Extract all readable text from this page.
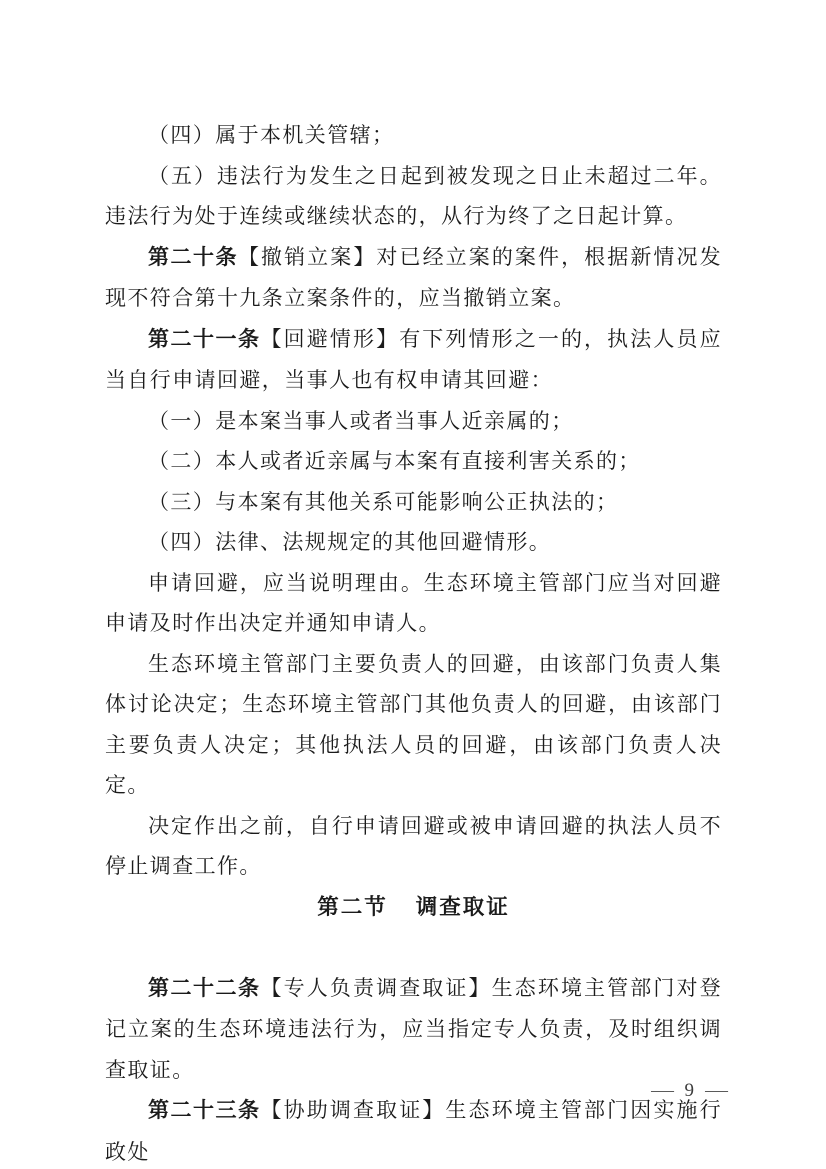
（四）属于本机关管辖；

（五）违法行为发生之日起到被发现之日止未超过二年。违法行为处于连续或继续状态的，从行为终了之日起计算。

第二十条【撤销立案】对已经立案的案件，根据新情况发现不符合第十九条立案条件的，应当撤销立案。

第二十一条【回避情形】有下列情形之一的，执法人员应当自行申请回避，当事人也有权申请其回避：

（一）是本案当事人或者当事人近亲属的；

（二）本人或者近亲属与本案有直接利害关系的；

（三）与本案有其他关系可能影响公正执法的；

（四）法律、法规规定的其他回避情形。

申请回避，应当说明理由。生态环境主管部门应当对回避申请及时作出决定并通知申请人。

生态环境主管部门主要负责人的回避，由该部门负责人集体讨论决定；生态环境主管部门其他负责人的回避，由该部门主要负责人决定；其他执法人员的回避，由该部门负责人决定。

决定作出之前，自行申请回避或被申请回避的执法人员不停止调查工作。

第二节 调查取证

第二十二条【专人负责调查取证】生态环境主管部门对登记立案的生态环境违法行为，应当指定专人负责，及时组织调查取证。

第二十三条【协助调查取证】生态环境主管部门因实施行政处

— 9 —
